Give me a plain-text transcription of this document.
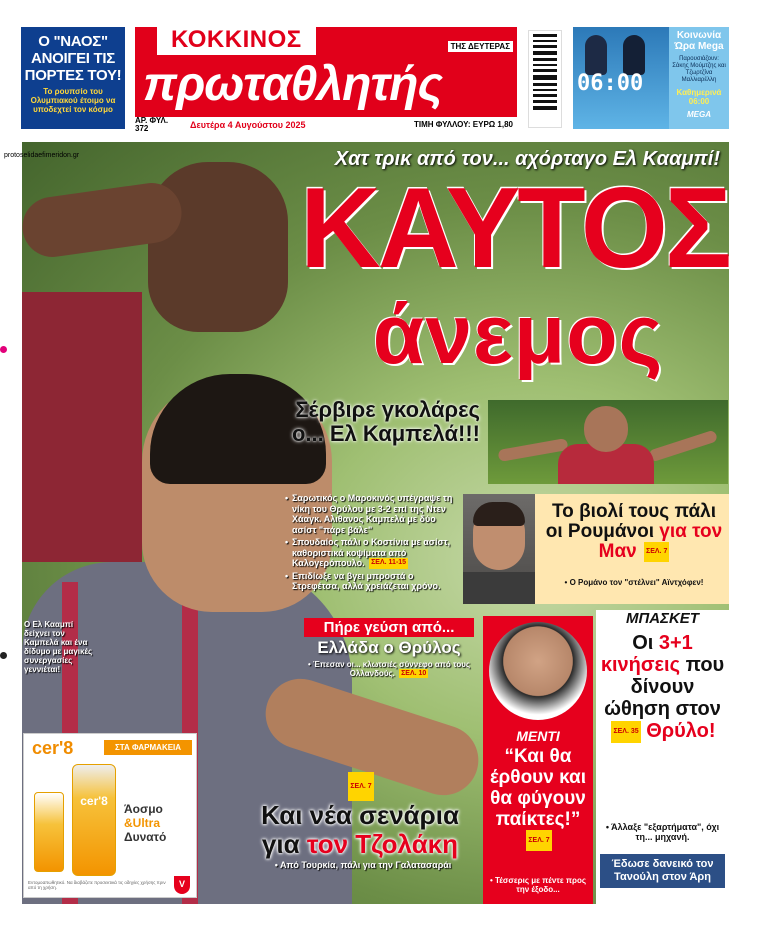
Ο "ΝΑΟΣ" ΑΝΟΙΓΕΙ ΤΙΣ ΠΟΡΤΕΣ ΤΟΥ!
Το ρουπσίο του Ολυμπιακού έτοιμο να υποδεχτεί τον κόσμο
ΚΟΚΚΙΝΟΣ
πρωταθλητής
ΤΗΣ ΔΕΥΤΕΡΑΣ
ΑΡ. ΦΥΛ. 372	Δευτέρα 4 Αυγούστου 2025	ΤΙΜΗ ΦΥΛΛΟΥ: ΕΥΡΩ 1,80
06:00
Κοινωνία Ώρα Mega
Παρουσιάζουν: Σάκης Μούμτζης και Τζωρτζίνα Μαλλιαρέλλη
Καθημερινά 06:00
MEGA
protoselidaefimeridon.gr	Χατ τρικ από τον... αχόρταγο Ελ Κααμπί!
ΚΑΥΤΟΣ
άνεμος
Σέρβιρε γκολάρες ο... Ελ Καμπελά!!!
• Σαρωτικός ο Μαροκινός υπέγραψε τη νίκη του Θρύλου με 3-2 επί της Ντεν Χάαγκ. Αλιθανος Καμπελά με δύο ασίστ "πάρε βάλε"
• Σπουδαίος πάλι ο Κοστίνια με ασίστ, καθοριστικά κοψίματα από Καλογερόπουλο. ΣΕΛ. 11-15
• Επιδίωξε να βγει μπροστά ο Στρεφέτσα, αλλά χρειάζεται χρόνο.
Το βιολί τους πάλι οι Ρουμάνοι για τον Μαν ΣΕΛ. 7
• Ο Ρομάνο τον "στέλνει" Αϊντχόφεν!
Ο Ελ Κααμπί δείχνει τον Καμπελά και ένα δίδυμο με μαγικές συνεργασίες γεννιέται!
Πήρε γεύση από...
Ελλάδα ο Θρύλος
• Έπεσαν οι... κλωτσιές σύννεφο από τους Ολλανδούς. ΣΕΛ. 10
ΜΕΝΤΙ
“Και θα έρθουν και θα φύγουν παίκτες!” ΣΕΛ. 7
• Τέσσερις με πέντε προς την έξοδο...
ΜΠΑΣΚΕΤ
Οι 3+1 κινήσεις που δίνουν ώθηση στον ΣΕΛ. 35 Θρύλο!
• Άλλαξε "εξαρτήματα", όχι τη... μηχανή.
Έδωσε δανεικό τον Τανούλη στον Άρη
ΣΕΛ. 7
Και νέα σενάρια για τον Τζολάκη
• Από Τουρκία, πάλι για την Γαλατασαράι
cer'8	ΣΤΑ ΦΑΡΜΑΚΕΙΑ
cer'8
Άοσμο
&Ultra
Δυνατό
Εντομοαπωθητικό. Να διαβάζετε προσεκτικά τις οδηγίες χρήσης πριν από τη χρήση.	V
